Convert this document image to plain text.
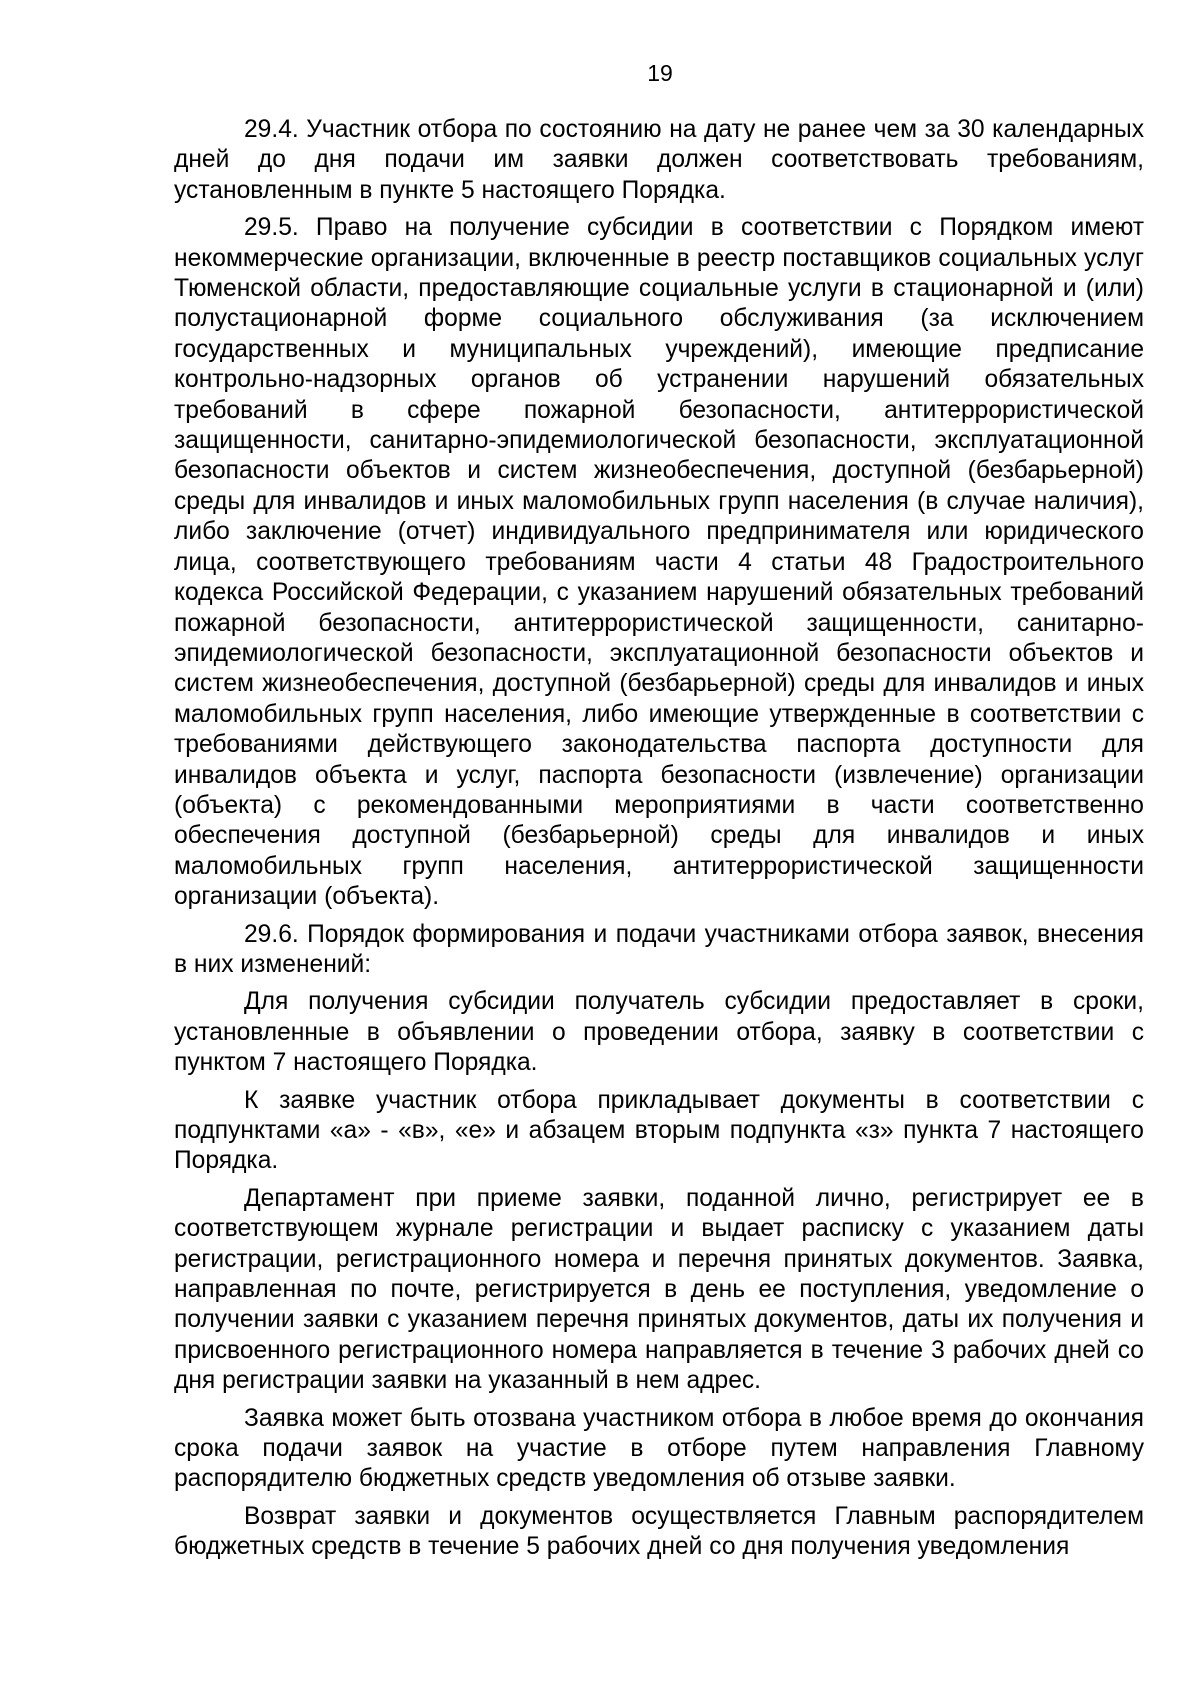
19

29.4. Участник отбора по состоянию на дату не ранее чем за 30 календарных дней до дня подачи им заявки должен соответствовать требованиям, установленным в пункте 5 настоящего Порядка.

29.5. Право на получение субсидии в соответствии с Порядком имеют некоммерческие организации, включенные в реестр поставщиков социальных услуг Тюменской области, предоставляющие социальные услуги в стационарной и (или) полустационарной форме социального обслуживания (за исключением государственных и муниципальных учреждений), имеющие предписание контрольно-надзорных органов об устранении нарушений обязательных требований в сфере пожарной безопасности, антитеррористической защищенности, санитарно-эпидемиологической безопасности, эксплуатационной безопасности объектов и систем жизнеобеспечения, доступной (безбарьерной) среды для инвалидов и иных маломобильных групп населения (в случае наличия), либо заключение (отчет) индивидуального предпринимателя или юридического лица, соответствующего требованиям части 4 статьи 48 Градостроительного кодекса Российской Федерации, с указанием нарушений обязательных требований пожарной безопасности, антитеррористической защищенности, санитарно-эпидемиологической безопасности, эксплуатационной безопасности объектов и систем жизнеобеспечения, доступной (безбарьерной) среды для инвалидов и иных маломобильных групп населения, либо имеющие утвержденные в соответствии с требованиями действующего законодательства паспорта доступности для инвалидов объекта и услуг, паспорта безопасности (извлечение) организации (объекта) с рекомендованными мероприятиями в части соответственно обеспечения доступной (безбарьерной) среды для инвалидов и иных маломобильных групп населения, антитеррористической защищенности организации (объекта).

29.6. Порядок формирования и подачи участниками отбора заявок, внесения в них изменений:

Для получения субсидии получатель субсидии предоставляет в сроки, установленные в объявлении о проведении отбора, заявку в соответствии с пунктом 7 настоящего Порядка.

К заявке участник отбора прикладывает документы в соответствии с подпунктами «а» - «в», «е» и абзацем вторым подпункта «з» пункта 7 настоящего Порядка.

Департамент при приеме заявки, поданной лично, регистрирует ее в соответствующем журнале регистрации и выдает расписку с указанием даты регистрации, регистрационного номера и перечня принятых документов. Заявка, направленная по почте, регистрируется в день ее поступления, уведомление о получении заявки с указанием перечня принятых документов, даты их получения и присвоенного регистрационного номера направляется в течение 3 рабочих дней со дня регистрации заявки на указанный в нем адрес.

Заявка может быть отозвана участником отбора в любое время до окончания срока подачи заявок на участие в отборе путем направления Главному распорядителю бюджетных средств уведомления об отзыве заявки.

Возврат заявки и документов осуществляется Главным распорядителем бюджетных средств в течение 5 рабочих дней со дня получения уведомления
